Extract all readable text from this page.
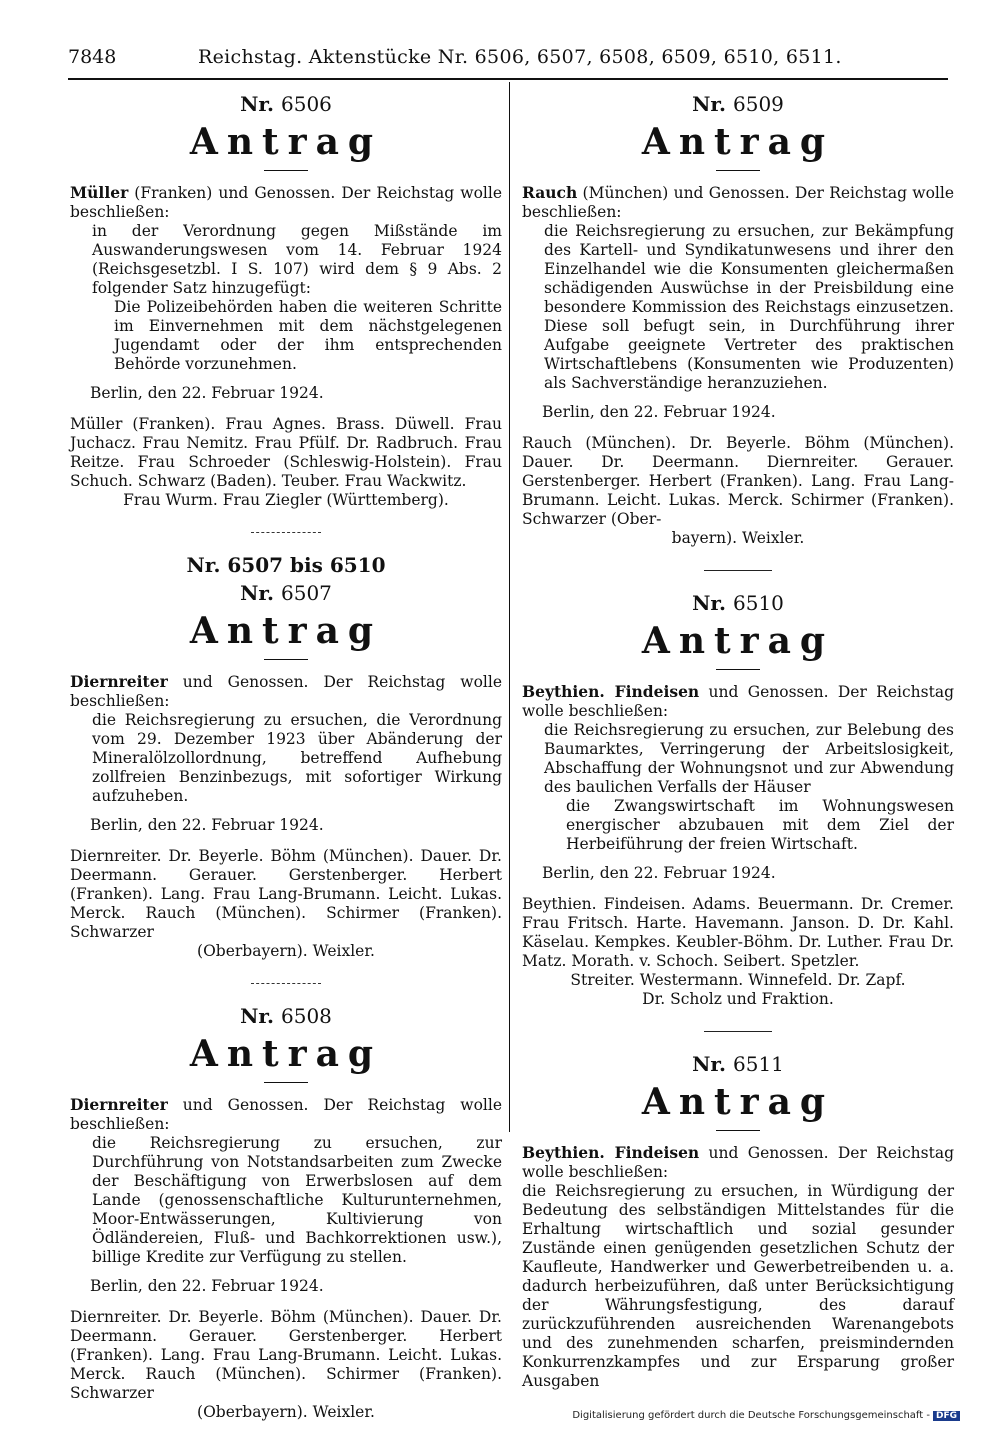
7848	Reichstag. Aktenstücke Nr. 6506, 6507, 6508, 6509, 6510, 6511.

Nr. 6506

Antrag

Müller (Franken) und Genossen. Der Reichstag wolle beschließen:

in der Verordnung gegen Mißstände im Auswanderungswesen vom 14. Februar 1924 (Reichsgesetzbl. I S. 107) wird dem § 9 Abs. 2 folgender Satz hinzugefügt:

Die Polizeibehörden haben die weiteren Schritte im Einvernehmen mit dem nächstgelegenen Jugendamt oder der ihm entsprechenden Behörde vorzunehmen.

Berlin, den 22. Februar 1924.

Müller (Franken). Frau Agnes. Brass. Düwell. Frau Juchacz. Frau Nemitz. Frau Pfülf. Dr. Radbruch. Frau Reitze. Frau Schroeder (Schleswig-Holstein). Frau Schuch. Schwarz (Baden). Teuber. Frau Wackwitz.

Frau Wurm. Frau Ziegler (Württemberg).

Nr. 6507 bis 6510

Nr. 6507

Antrag

Diernreiter und Genossen. Der Reichstag wolle beschließen:

die Reichsregierung zu ersuchen, die Verordnung vom 29. Dezember 1923 über Abänderung der Mineralölzollordnung, betreffend Aufhebung zollfreien Benzinbezugs, mit sofortiger Wirkung aufzuheben.

Berlin, den 22. Februar 1924.

Diernreiter. Dr. Beyerle. Böhm (München). Dauer. Dr. Deermann. Gerauer. Gerstenberger. Herbert (Franken). Lang. Frau Lang-Brumann. Leicht. Lukas. Merck. Rauch (München). Schirmer (Franken). Schwarzer

(Oberbayern). Weixler.

Nr. 6508

Antrag

Diernreiter und Genossen. Der Reichstag wolle beschließen:

die Reichsregierung zu ersuchen, zur Durchführung von Notstandsarbeiten zum Zwecke der Beschäftigung von Erwerbslosen auf dem Lande (genossenschaftliche Kulturunternehmen, Moor-Entwässerungen, Kultivierung von Ödländereien, Fluß- und Bachkorrektionen usw.), billige Kredite zur Verfügung zu stellen.

Berlin, den 22. Februar 1924.

Diernreiter. Dr. Beyerle. Böhm (München). Dauer. Dr. Deermann. Gerauer. Gerstenberger. Herbert (Franken). Lang. Frau Lang-Brumann. Leicht. Lukas. Merck. Rauch (München). Schirmer (Franken). Schwarzer

(Oberbayern). Weixler.

Nr. 6509

Antrag

Rauch (München) und Genossen. Der Reichstag wolle beschließen:

die Reichsregierung zu ersuchen, zur Bekämpfung des Kartell- und Syndikatunwesens und ihrer den Einzelhandel wie die Konsumenten gleichermaßen schädigenden Auswüchse in der Preisbildung eine besondere Kommission des Reichstags einzusetzen. Diese soll befugt sein, in Durchführung ihrer Aufgabe geeignete Vertreter des praktischen Wirtschaftlebens (Konsumenten wie Produzenten) als Sachverständige heranzuziehen.

Berlin, den 22. Februar 1924.

Rauch (München). Dr. Beyerle. Böhm (München). Dauer. Dr. Deermann. Diernreiter. Gerauer. Gerstenberger. Herbert (Franken). Lang. Frau Lang-Brumann. Leicht. Lukas. Merck. Schirmer (Franken). Schwarzer (Ober-

bayern). Weixler.

Nr. 6510

Antrag

Beythien. Findeisen und Genossen. Der Reichstag wolle beschließen:

die Reichsregierung zu ersuchen, zur Belebung des Baumarktes, Verringerung der Arbeitslosigkeit, Abschaffung der Wohnungsnot und zur Abwendung des baulichen Verfalls der Häuser

die Zwangswirtschaft im Wohnungswesen energischer abzubauen mit dem Ziel der Herbeiführung der freien Wirtschaft.

Berlin, den 22. Februar 1924.

Beythien. Findeisen. Adams. Beuermann. Dr. Cremer. Frau Fritsch. Harte. Havemann. Janson. D. Dr. Kahl. Käselau. Kempkes. Keubler-Böhm. Dr. Luther. Frau Dr. Matz. Morath. v. Schoch. Seibert. Spetzler.

Streiter. Westermann. Winnefeld. Dr. Zapf.

Dr. Scholz und Fraktion.

Nr. 6511

Antrag

Beythien. Findeisen und Genossen. Der Reichstag wolle beschließen:

die Reichsregierung zu ersuchen, in Würdigung der Bedeutung des selbständigen Mittelstandes für die Erhaltung wirtschaftlich und sozial gesunder Zustände einen genügenden gesetzlichen Schutz der Kaufleute, Handwerker und Gewerbetreibenden u. a. dadurch herbeizuführen, daß unter Berücksichtigung der Währungsfestigung, des darauf zurückzuführenden ausreichenden Warenangebots und des zunehmenden scharfen, preismindernden Konkurrenzkampfes und zur Ersparung großer Ausgaben

Digitalisierung gefördert durch die Deutsche Forschungsgemeinschaft - DFG
